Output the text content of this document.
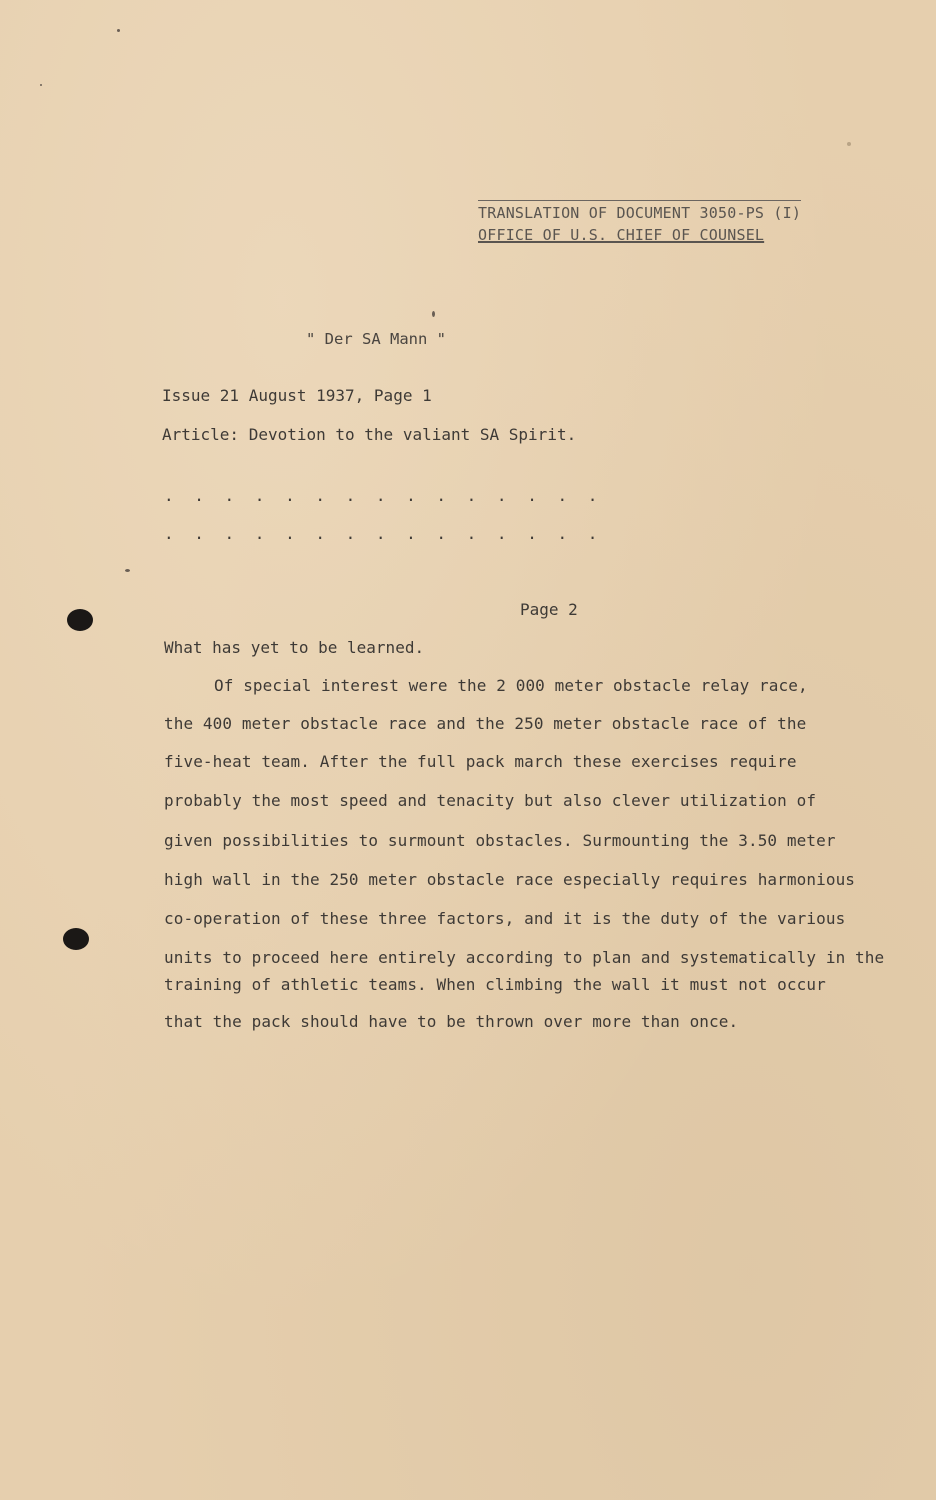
TRANSLATION OF DOCUMENT 3050-PS (I)
OFFICE OF U.S. CHIEF OF COUNSEL
" Der SA Mann "
Issue 21 August 1937, Page 1
Article: Devotion to the valiant SA Spirit.
. . . . . . . . . . . . . . .
. . . . . . . . . . . . . . .
Page 2
What has yet to be learned.
Of special interest were the 2 000 meter obstacle relay race,
the 400 meter obstacle race and the 250 meter obstacle race of the
five-heat team. After the full pack march these exercises require
probably the most speed and tenacity but also clever utilization of
given possibilities to surmount obstacles. Surmounting the 3.50 meter
high wall in the 250 meter obstacle race especially requires harmonious
co-operation of these three factors, and it is the duty of the various
units to proceed here entirely according to plan and systematically in the
training of athletic teams. When climbing the wall it must not occur
that the pack should have to be thrown over more than once.
